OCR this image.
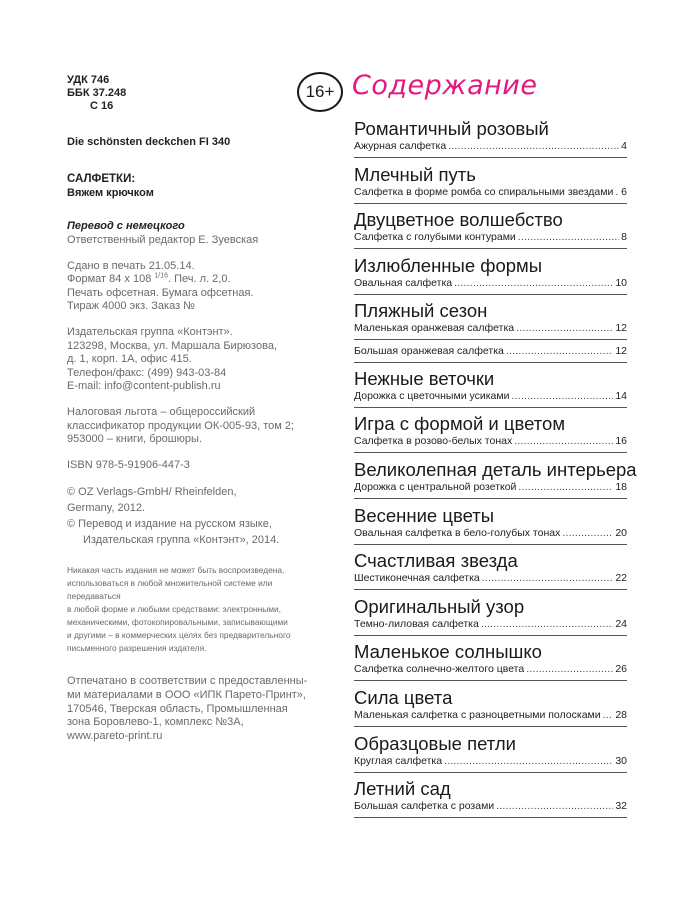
УДК 746
ББК 37.248
С 16
Die schönsten deckchen FI 340
САЛФЕТКИ:
Вяжем крючком
Перевод с немецкого
Ответственный редактор Е. Зуевская
Сдано в печать 21.05.14.
Формат 84 x 108 $^{1/16}$. Печ. л. 2,0.
Печать офсетная. Бумага офсетная.
Тираж 4000 экз. Заказ №
Издательская группа «Контэнт».
123298, Москва, ул. Маршала Бирюзова,
д. 1, корп. 1А, офис 415.
Телефон/факс: (499) 943-03-84
E-mail: info@content-publish.ru
Налоговая льгота – общероссийский
классификатор продукции ОК-005-93, том 2;
953000 – книги, брошюры.
ISBN 978-5-91906-447-3
© OZ Verlags-GmbH/ Rheinfelden,
Germany, 2012.
© Перевод и издание на русском языке,
Издательская группа «Контэнт», 2014.
Никакая часть издания не может быть воспроизведена,
использоваться в любой множительной системе или передаваться
в любой форме и любыми средствами: электронными,
механическими, фотокопировальными, записывающими
и другими – в коммерческих целях без предварительного
письменного разрешения издателя.
Отпечатано в соответствии с предоставленны-
ми материалами в ООО «ИПК Парето-Принт»,
170546, Тверская область, Промышленная
зона Боровлево-1, комплекс №3А,
www.pareto-print.ru
16+ Содержание
Романтичный розовый
Ажурная салфетка .....	4
Млечный путь
Салфетка в форме ромба со спиральными звездами ..... 6
Двуцветное волшебство
Салфетка с голубыми контурами .....	8
Излюбленные формы
Овальная салфетка .....	10
Пляжный сезон
Маленькая оранжевая салфетка .....	12
Большая оранжевая салфетка .....	12
Нежные веточки
Дорожка с цветочными усиками .....	14
Игра с формой и цветом
Салфетка в розово-белых тонах .....	16
Великолепная деталь интерьера
Дорожка с центральной розеткой .....	18
Весенние цветы
Овальная салфетка в бело-голубых тонах .....	20
Счастливая звезда
Шестиконечная салфетка .....	22
Оригинальный узор
Темно-лиловая салфетка .....	24
Маленькое солнышко
Салфетка солнечно-желтого цвета .....	26
Сила цвета
Маленькая салфетка с разноцветными полосками ..... 28
Образцовые петли
Круглая салфетка .....	30
Летний сад
Большая салфетка с розами .....	32
